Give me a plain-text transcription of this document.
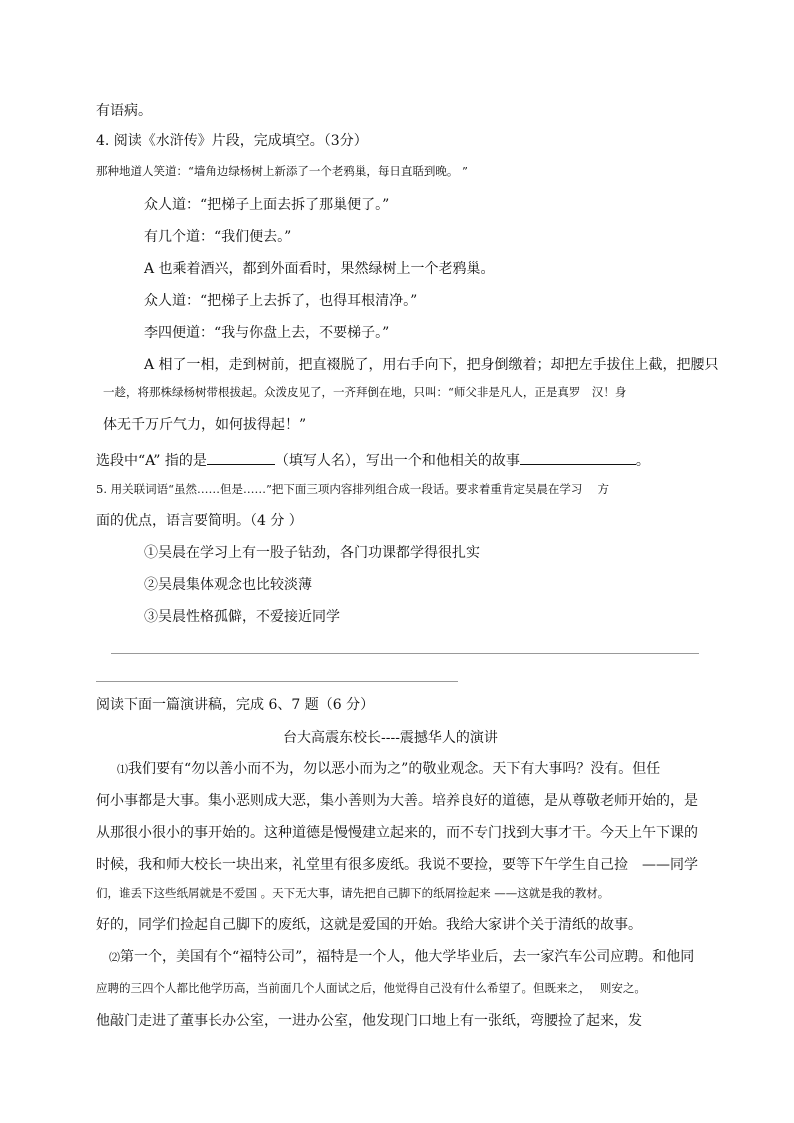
有语病。
4. 阅读《水浒传》片段，完成填空。（3分）
那种地道人笑道：“墙角边绿杨树上新添了一个老鸦巢，每日直聒到晚。 ”
众人道：“把梯子上面去拆了那巢便了。”
有几个道：“我们便去。”
A 也乘着酒兴，都到外面看时，果然绿树上一个老鸦巢。
众人道：“把梯子上去拆了，也得耳根清净。”
李四便道：“我与你盘上去，不要梯子。”
A 相了一相，走到树前，把直裰脱了，用右手向下，把身倒缴着；却把左手拔住上截，把腰只
一趁，将那株绿杨树带根拔起。众泼皮见了，一齐拜倒在地，只叫：“师父非是凡人，正是真罗　汉！身
体无千万斤气力，如何拔得起！”
选段中“A” 指的是	（填写人名），写出一个和他相关的故事	。
5. 用关联词语“虽然……但是……”把下面三项内容排列组合成一段话。要求着重肯定吴晨在学习　 方
面的优点，语言要简明。（4 分 ）
①吴晨在学习上有一股子钻劲，各门功课都学得很扎实
②吴晨集体观念也比较淡薄
③吴晨性格孤僻，不爱接近同学
阅读下面一篇演讲稿，完成 6、7 题（6 分）
台大高震东校长----震撼华人的演讲
⑴我们要有“勿以善小而不为，勿以恶小而为之”的敬业观念。天下有大事吗？没有。但任
何小事都是大事。集小恶则成大恶，集小善则为大善。培养良好的道德，是从尊敬老师开始的，是
从那很小很小的事开始的。这种道德是慢慢建立起来的，而不专门找到大事才干。今天上午下课的
时候，我和师大校长一块出来，礼堂里有很多废纸。我说不要捡，要等下午学生自己捡　——同学
们，谁丢下这些纸屑就是不爱国 。天下无大事，请先把自己脚下的纸屑捡起来 ——这就是我的教材。
好的，同学们捡起自己脚下的废纸，这就是爱国的开始。我给大家讲个关于清纸的故事。
⑵第一个，美国有个“福特公司”，福特是一个人，他大学毕业后，去一家汽车公司应聘。和他同
应聘的三四个人都比他学历高，当前面几个人面试之后，他觉得自己没有什么希望了。但既来之，　 则安之。
他敲门走进了董事长办公室，一进办公室，他发现门口地上有一张纸，弯腰捡了起来，发
